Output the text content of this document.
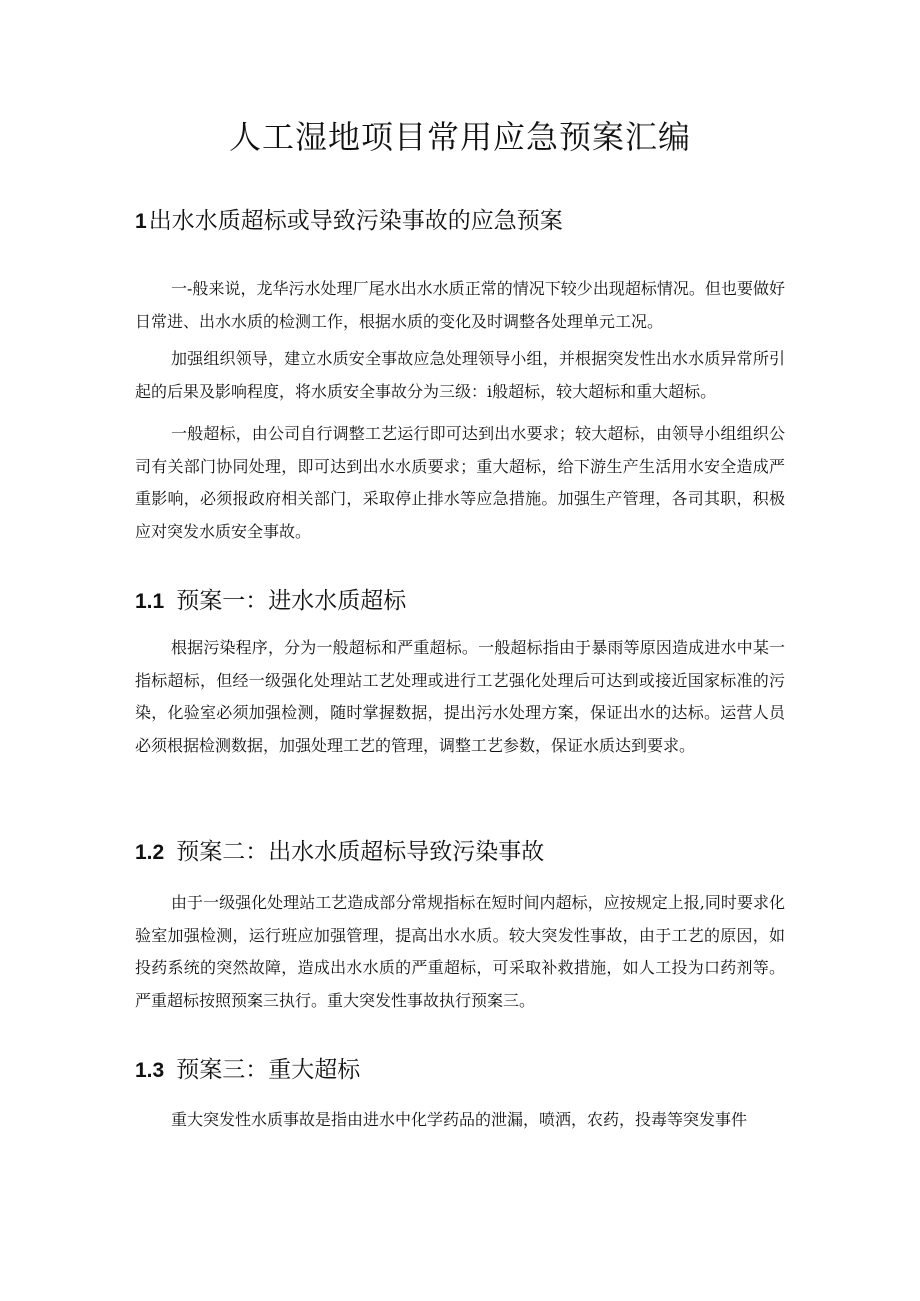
人工湿地项目常用应急预案汇编
1出水水质超标或导致污染事故的应急预案

一-般来说，龙华污水处理厂尾水出水水质正常的情况下较少出现超标情况。但也要做好日常进、出水水质的检测工作，根据水质的变化及时调整各处理单元工况。

加强组织领导，建立水质安全事故应急处理领导小组，并根据突发性出水水质异常所引起的后果及影响程度，将水质安全事故分为三级：i般超标，较大超标和重大超标。

一般超标，由公司自行调整工艺运行即可达到出水要求；较大超标，由领导小组组织公司有关部门协同处理，即可达到出水水质要求；重大超标，给下游生产生活用水安全造成严重影响，必须报政府相关部门，采取停止排水等应急措施。加强生产管理，各司其职，积极应对突发水质安全事故。

1.1 预案一：进水水质超标

根据污染程序，分为一般超标和严重超标。一般超标指由于暴雨等原因造成进水中某一指标超标，但经一级强化处理站工艺处理或进行工艺强化处理后可达到或接近国家标准的污染，化验室必须加强检测，随时掌握数据，提出污水处理方案，保证出水的达标。运营人员必须根据检测数据，加强处理工艺的管理，调整工艺参数，保证水质达到要求。

1.2 预案二：出水水质超标导致污染事故

由于一级强化处理站工艺造成部分常规指标在短时间内超标，应按规定上报,同时要求化验室加强检测，运行班应加强管理，提高出水水质。较大突发性事故，由于工艺的原因，如投药系统的突然故障，造成出水水质的严重超标，可采取补救措施，如人工投为口药剂等。严重超标按照预案三执行。重大突发性事故执行预案三。

1.3 预案三：重大超标

重大突发性水质事故是指由进水中化学药品的泄漏，喷洒，农药，投毒等突发事件
